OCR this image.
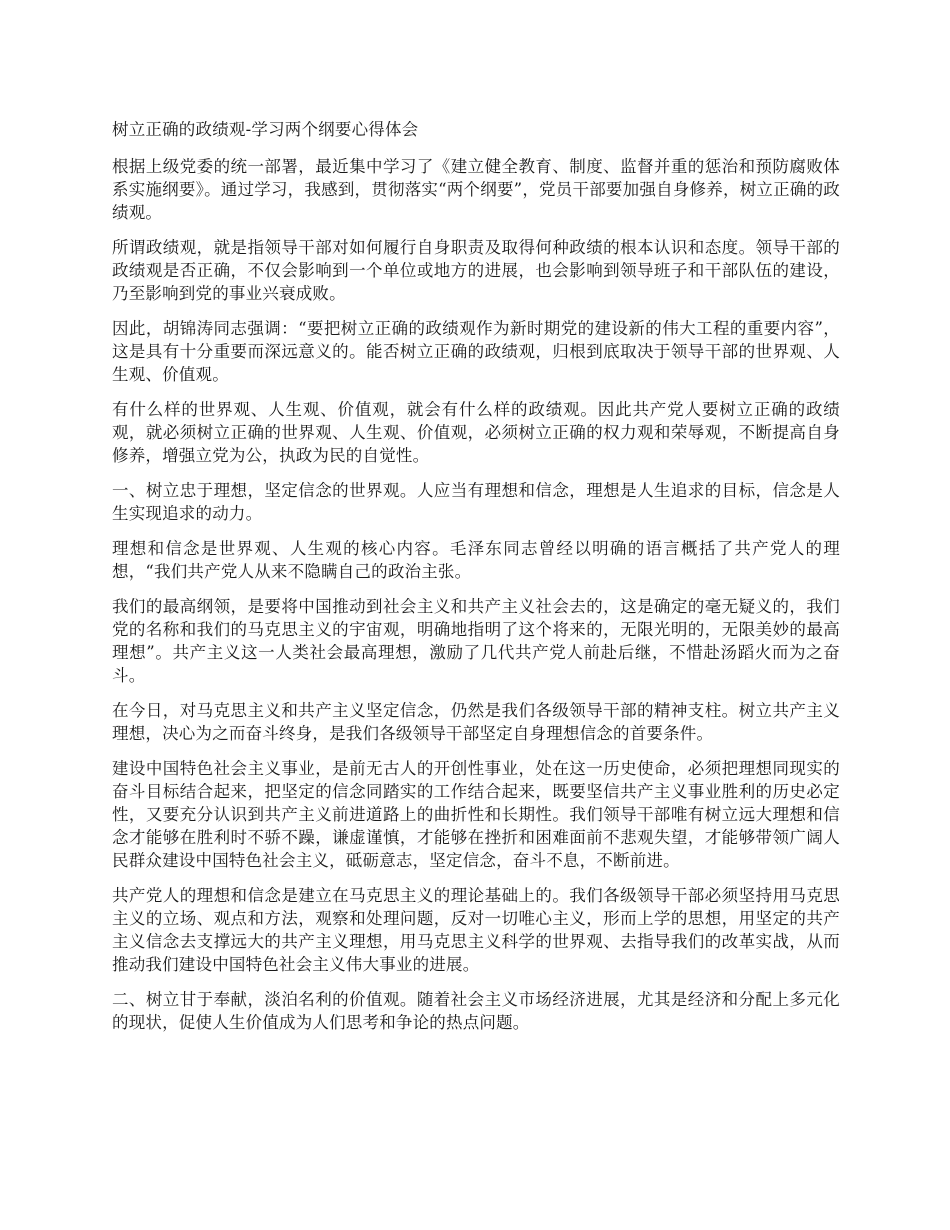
树立正确的政绩观-学习两个纲要心得体会

根据上级党委的统一部署，最近集中学习了《建立健全教育、制度、监督并重的惩治和预防腐败体系实施纲要》。通过学习，我感到，贯彻落实“两个纲要”，党员干部要加强自身修养，树立正确的政绩观。

所谓政绩观，就是指领导干部对如何履行自身职责及取得何种政绩的根本认识和态度。领导干部的政绩观是否正确，不仅会影响到一个单位或地方的进展，也会影响到领导班子和干部队伍的建设，乃至影响到党的事业兴衰成败。

因此，胡锦涛同志强调：“要把树立正确的政绩观作为新时期党的建设新的伟大工程的重要内容”，这是具有十分重要而深远意义的。能否树立正确的政绩观，归根到底取决于领导干部的世界观、人生观、价值观。

有什么样的世界观、人生观、价值观，就会有什么样的政绩观。因此共产党人要树立正确的政绩观，就必须树立正确的世界观、人生观、价值观，必须树立正确的权力观和荣辱观，不断提高自身修养，增强立党为公，执政为民的自觉性。

一、树立忠于理想，坚定信念的世界观。人应当有理想和信念，理想是人生追求的目标，信念是人生实现追求的动力。

理想和信念是世界观、人生观的核心内容。毛泽东同志曾经以明确的语言概括了共产党人的理想，“我们共产党人从来不隐瞒自己的政治主张。

我们的最高纲领，是要将中国推动到社会主义和共产主义社会去的，这是确定的毫无疑义的，我们党的名称和我们的马克思主义的宇宙观，明确地指明了这个将来的，无限光明的，无限美妙的最高理想”。共产主义这一人类社会最高理想，激励了几代共产党人前赴后继，不惜赴汤蹈火而为之奋斗。

在今日，对马克思主义和共产主义坚定信念，仍然是我们各级领导干部的精神支柱。树立共产主义理想，决心为之而奋斗终身，是我们各级领导干部坚定自身理想信念的首要条件。

建设中国特色社会主义事业，是前无古人的开创性事业，处在这一历史使命，必须把理想同现实的奋斗目标结合起来，把坚定的信念同踏实的工作结合起来，既要坚信共产主义事业胜利的历史必定性，又要充分认识到共产主义前进道路上的曲折性和长期性。我们领导干部唯有树立远大理想和信念才能够在胜利时不骄不躁，谦虚谨慎，才能够在挫折和困难面前不悲观失望，才能够带领广阔人民群众建设中国特色社会主义，砥砺意志，坚定信念，奋斗不息，不断前进。

共产党人的理想和信念是建立在马克思主义的理论基础上的。我们各级领导干部必须坚持用马克思主义的立场、观点和方法，观察和处理问题，反对一切唯心主义，形而上学的思想，用坚定的共产主义信念去支撑远大的共产主义理想，用马克思主义科学的世界观、去指导我们的改革实战，从而推动我们建设中国特色社会主义伟大事业的进展。

二、树立甘于奉献，淡泊名利的价值观。随着社会主义市场经济进展，尤其是经济和分配上多元化的现状，促使人生价值成为人们思考和争论的热点问题。
